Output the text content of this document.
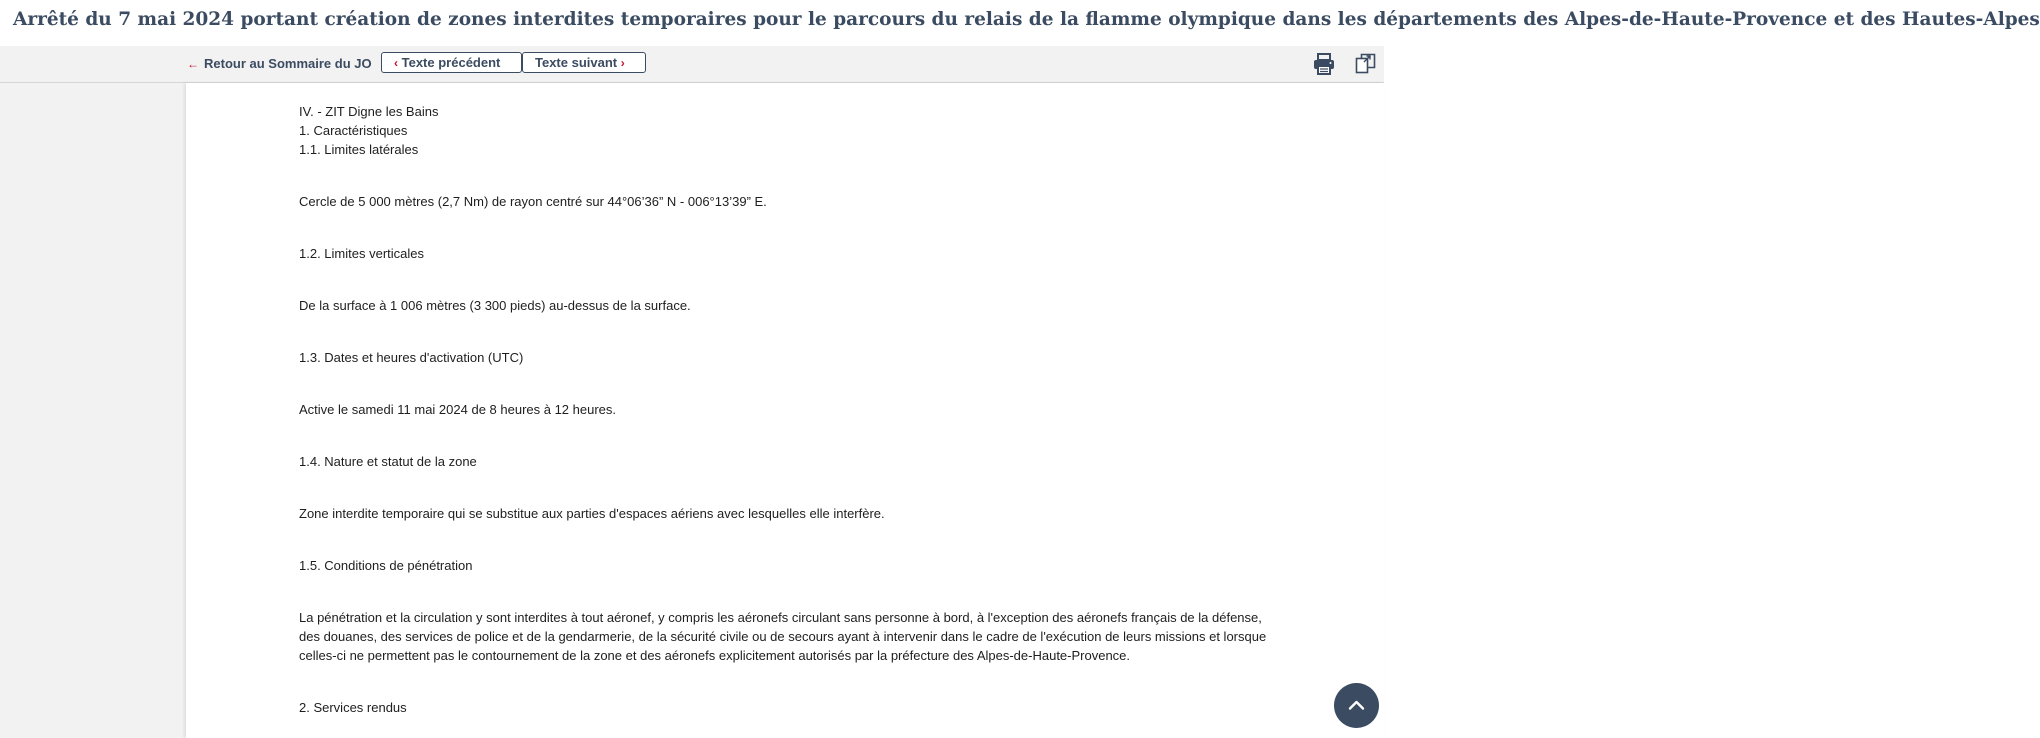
Arrêté du 7 mai 2024 portant création de zones interdites temporaires pour le parcours du relais de la flamme olympique dans les départements des Alpes-de-Haute-Provence et des Hautes-Alpes
← Retour au Sommaire du JO	‹ Texte précédent	Texte suivant ›
IV. - ZIT Digne les Bains
1. Caractéristiques
1.1. Limites latérales
Cercle de 5 000 mètres (2,7 Nm) de rayon centré sur 44°06’36” N - 006°13’39” E.
1.2. Limites verticales
De la surface à 1 006 mètres (3 300 pieds) au-dessus de la surface.
1.3. Dates et heures d'activation (UTC)
Active le samedi 11 mai 2024 de 8 heures à 12 heures.
1.4. Nature et statut de la zone
Zone interdite temporaire qui se substitue aux parties d'espaces aériens avec lesquelles elle interfère.
1.5. Conditions de pénétration
La pénétration et la circulation y sont interdites à tout aéronef, y compris les aéronefs circulant sans personne à bord, à l'exception des aéronefs français de la défense, des douanes, des services de police et de la gendarmerie, de la sécurité civile ou de secours ayant à intervenir dans le cadre de l'exécution de leurs missions et lorsque celles-ci ne permettent pas le contournement de la zone et des aéronefs explicitement autorisés par la préfecture des Alpes-de-Haute-Provence.
2. Services rendus
